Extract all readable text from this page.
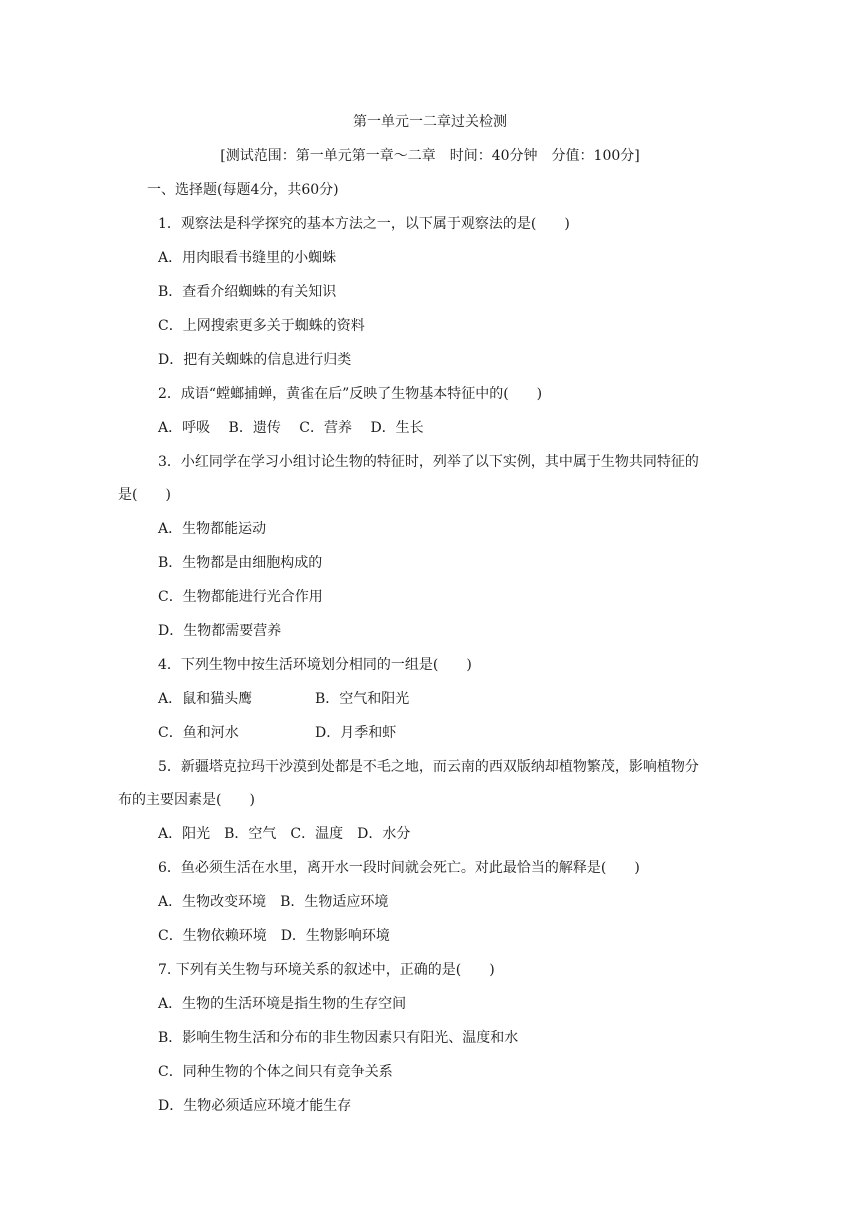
第一单元一二章过关检测
[测试范围：第一单元第一章～二章　时间：40分钟　分值：100分]
一、选择题(每题4分，共60分)
1．观察法是科学探究的基本方法之一，以下属于观察法的是(　　)
A．用肉眼看书缝里的小蜘蛛
B．查看介绍蜘蛛的有关知识
C．上网搜索更多关于蜘蛛的资料
D．把有关蜘蛛的信息进行归类
2．成语“螳螂捕蝉，黄雀在后”反映了生物基本特征中的(　　)
A．呼吸　 B．遗传　 C．营养　 D．生长
3．小红同学在学习小组讨论生物的特征时，列举了以下实例，其中属于生物共同特征的
是(　　)
A．生物都能运动
B．生物都是由细胞构成的
C．生物都能进行光合作用
D．生物都需要营养
4．下列生物中按生活环境划分相同的一组是(　　)
A．鼠和猫头鹰	B．空气和阳光
C．鱼和河水	D．月季和虾
5．新疆塔克拉玛干沙漠到处都是不毛之地，而云南的西双版纳却植物繁茂，影响植物分
布的主要因素是(　　)
A．阳光　B．空气　C．温度　D．水分
6．鱼必须生活在水里，离开水一段时间就会死亡。对此最恰当的解释是(　　)
A．生物改变环境　B．生物适应环境
C．生物依赖环境　D．生物影响环境
7. 下列有关生物与环境关系的叙述中，正确的是(　　)
A．生物的生活环境是指生物的生存空间
B．影响生物生活和分布的非生物因素只有阳光、温度和水
C．同种生物的个体之间只有竞争关系
D．生物必须适应环境才能生存
